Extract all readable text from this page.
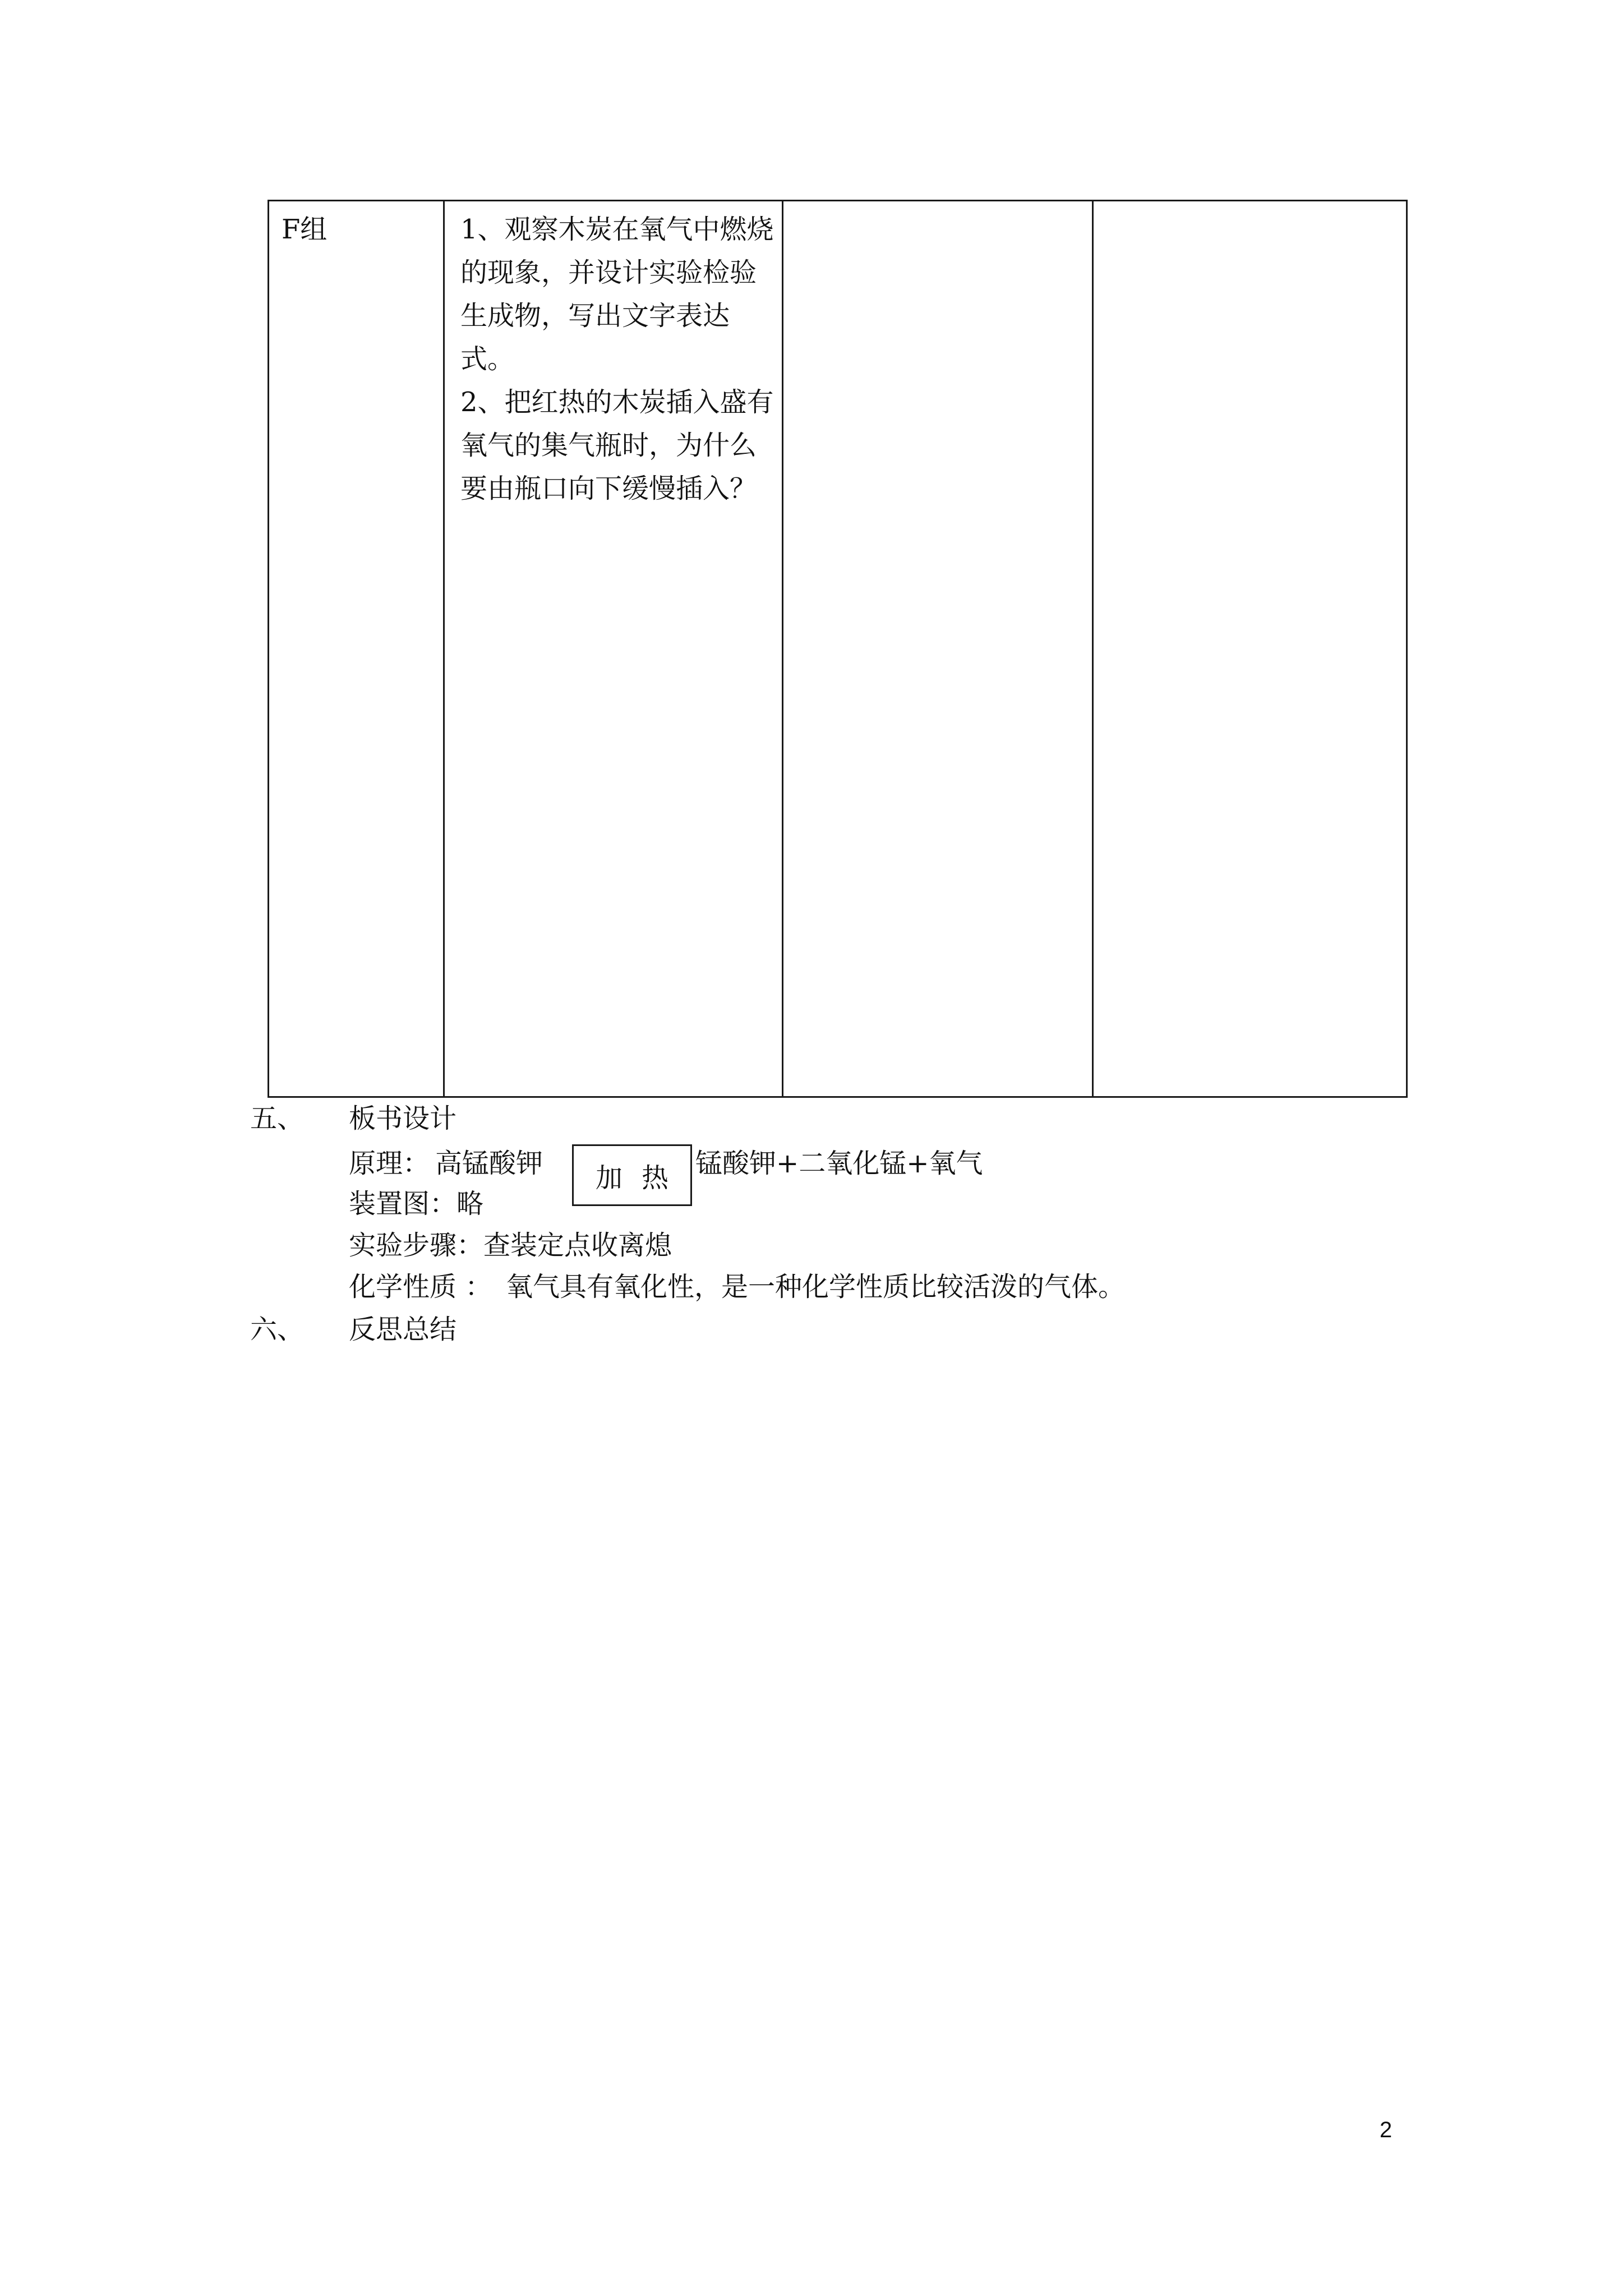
F组	1、观察木炭在氧气中燃烧的现象，并设计实验检验生成物，写出文字表达式。

2、把红热的木炭插入盛有氧气的集气瓶时，为什么要由瓶口向下缓慢插入？

五、 板书设计
原理： 高锰酸钾	加热 锰酸钾+二氧化锰+氧气
装置图：略
实验步骤：查装定点收离熄
化学性质 ： 氧气具有氧化性，是一种化学性质比较活泼的气体。
六、 反思总结
2
